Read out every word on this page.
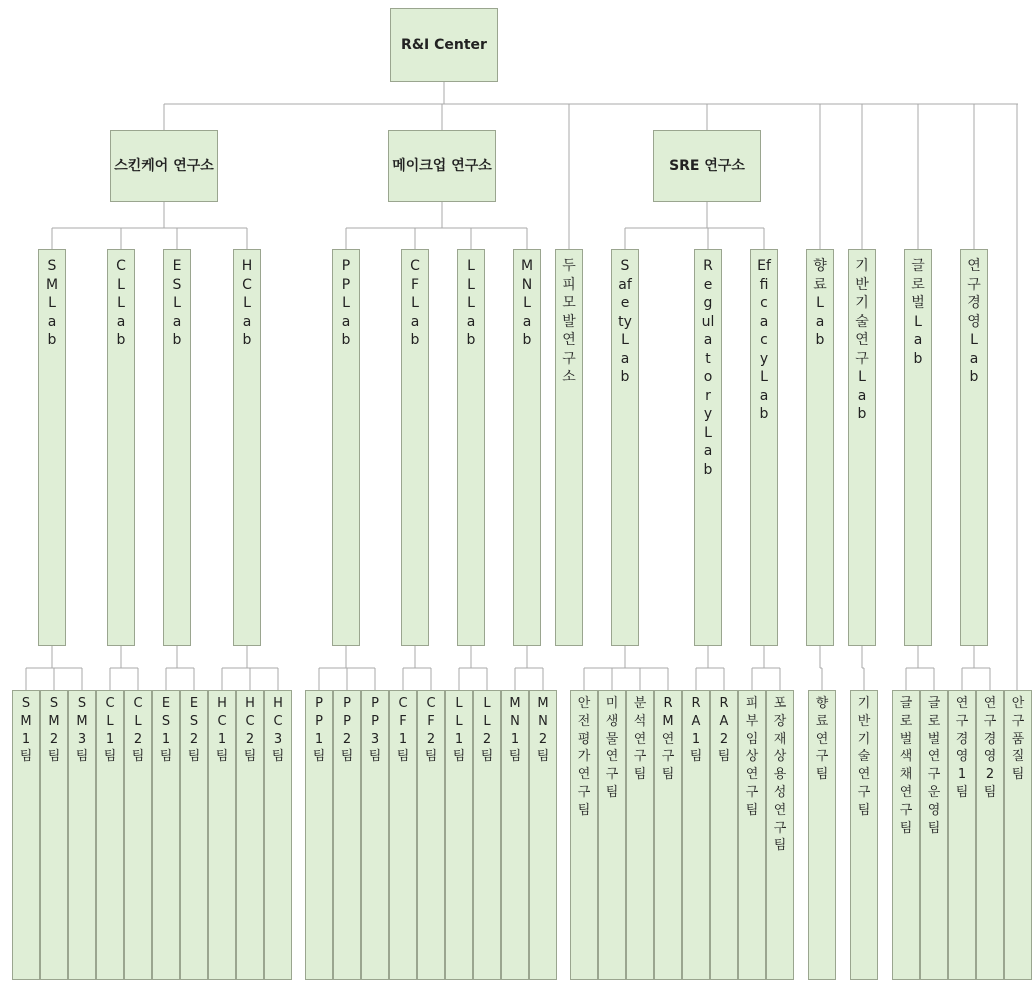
R&I Center
스킨케어 연구소	메이크업 연구소	SRE 연구소
SM Lab
CL Lab
ES Lab
HC Lab
PP Lab
CF Lab
LL Lab
MN Lab
두피모발연구소
Safety Lab
Regulatory Lab
Efficacy Lab
향료 Lab
기반기술연구 Lab
글로벌 Lab
연구경영 Lab
SM1팀
SM2팀
SM3팀
CL1팀
CL2팀
ES1팀
ES2팀
HC1팀
HC2팀
HC3팀
PP1팀
PP2팀
PP3팀
CF1팀
CF2팀
LL1팀
LL2팀
MN1팀
MN2팀
안전평가연구팀
미생물연구팀
분석연구팀
RM연구팀
RA1팀
RA2팀
피부임상연구팀
포장재상용성연구팀
향료연구팀
기반기술연구팀
글로벌색채연구팀
글로벌 연구운영팀
연구경영1팀
연구경영2팀
안구품질팀
